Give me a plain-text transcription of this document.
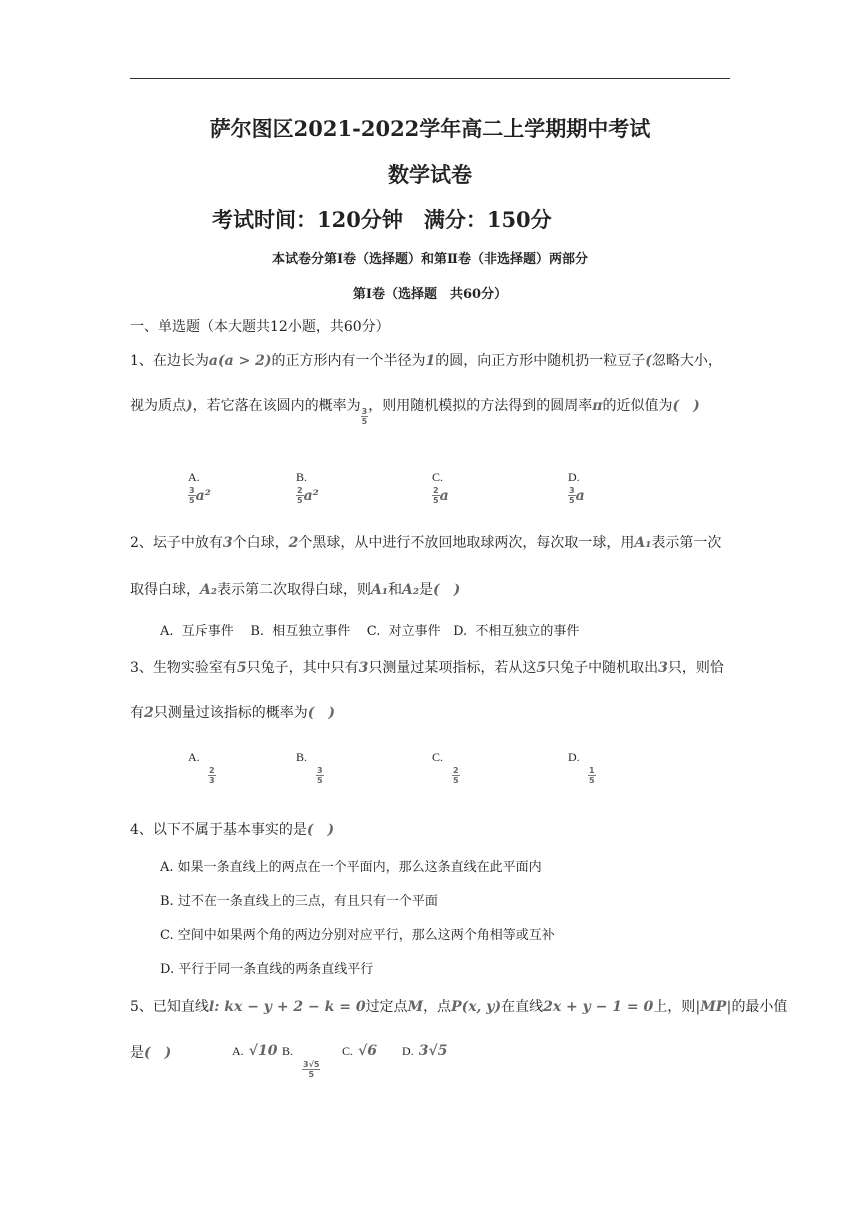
萨尔图区2021-2022学年高二上学期期中考试
数学试卷
考试时间：120分钟　满分：150分
本试卷分第Ⅰ卷（选择题）和第Ⅱ卷（非选择题）两部分
第Ⅰ卷（选择题　共60分）
一、单选题（本大题共12小题，共60分）
1、在边长为a(a > 2)的正方形内有一个半径为1的圆，向正方形中随机扔一粒豆子(忽略大小，
视为质点)，若它落在该圆内的概率为
$\frac{3}{5}$
，则用随机模拟的方法得到的圆周率π的近似值为(　)
A.

$\frac{3}{5} a^2$
B.

$\frac{2}{5} a^2$
C.

$\frac{2}{5}$ a
D.

$\frac{3}{5}$ a
2、坛子中放有3个白球，2个黑球，从中进行不放回地取球两次，每次取一球，用A₁表示第一次
取得白球，A₂表示第二次取得白球，则A₁和A₂是(　)
A.  互斥事件    B.  相互独立事件    C.  对立事件   D.  不相互独立的事件
3、生物实验室有5只兔子，其中只有3只测量过某项指标，若从这5只兔子中随机取出3只，则恰
有2只测量过该指标的概率为(　)
A.

$\frac{2}{3}$
B.

$\frac{3}{5}$
C.

$\frac{2}{5}$
D.

$\frac{1}{5}$
4、以下不属于基本事实的是(　)
A. 如果一条直线上的两点在一个平面内，那么这条直线在此平面内
B. 过不在一条直线上的三点，有且只有一个平面
C. 空间中如果两个角的两边分别对应平行，那么这两个角相等或互补
D. 平行于同一条直线的两条直线平行
5、已知直线l: kx − y + 2 − k = 0过定点M，点P(x, y)在直线2x + y − 1 = 0上，则|MP|的最小值
是(　)	A. √10 B.

$\frac{3√5}{5}$
C. √6 D. 3√5
